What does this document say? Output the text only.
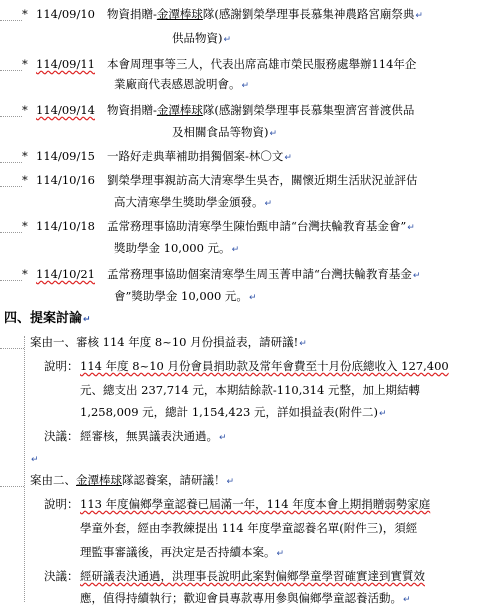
* 114/09/10 物資捐贈-金潭棒球隊(感謝劉榮學理事長慕集神農路宮廟祭典↵
供品物資)↵
* 114/09/11 本會周理事等三人，代表出席高雄市榮民服務處舉辦114年企
業廠商代表感恩說明會。↵
* 114/09/14 物資捐贈-金潭棒球隊(感謝劉榮學理事長慕集聖濟宮普渡供品
及相關食品等物資)↵
* 114/09/15 一路好走典華補助捐獨個案-林〇文↵
* 114/10/16 劉榮學理事親訪高大清寒學生吳杏，關懷近期生活狀況並評估
高大清寒學生獎助學金頒發。↵
* 114/10/18 孟常務理事協助清寒學生陳怡甄申請“台灣扶輪教育基金會”↵
獎助學金 10,000 元。↵
* 114/10/21 孟常務理事協助個案清寒學生周玉菁申請“台灣扶輪教育基金↵
會”獎助學金 10,000 元。↵
四、提案討論↵
案由一、審核 114 年度 8~10 月份損益表，請研議!↵
說明： 114 年度 8~10 月份會員捐助款及常年會費至十月份底總收入 127,400
元、總支出 237,714 元，本期結餘款-110,314 元整，加上期結轉
1,258,009 元，總計 1,154,423 元，詳如損益表(附件二)↵
決議： 經審核，無異議表決通過。↵
↵
案由二、金潭棒球隊認養案，請研議！↵
說明： 113 年度偏鄉學童認養已屆滿一年，114 年度本會上期捐贈弱勢家庭
學童外套，經由李教練提出 114 年度學童認養名單(附件三)，須經
理監事審議後，再決定是否持續本案。↵
決議： 經研議表決通過，洪理事長說明此案對偏鄉學童學習確實達到實質效
應，值得持續執行；歡迎會員專款專用參與偏鄉學童認養活動。↵
